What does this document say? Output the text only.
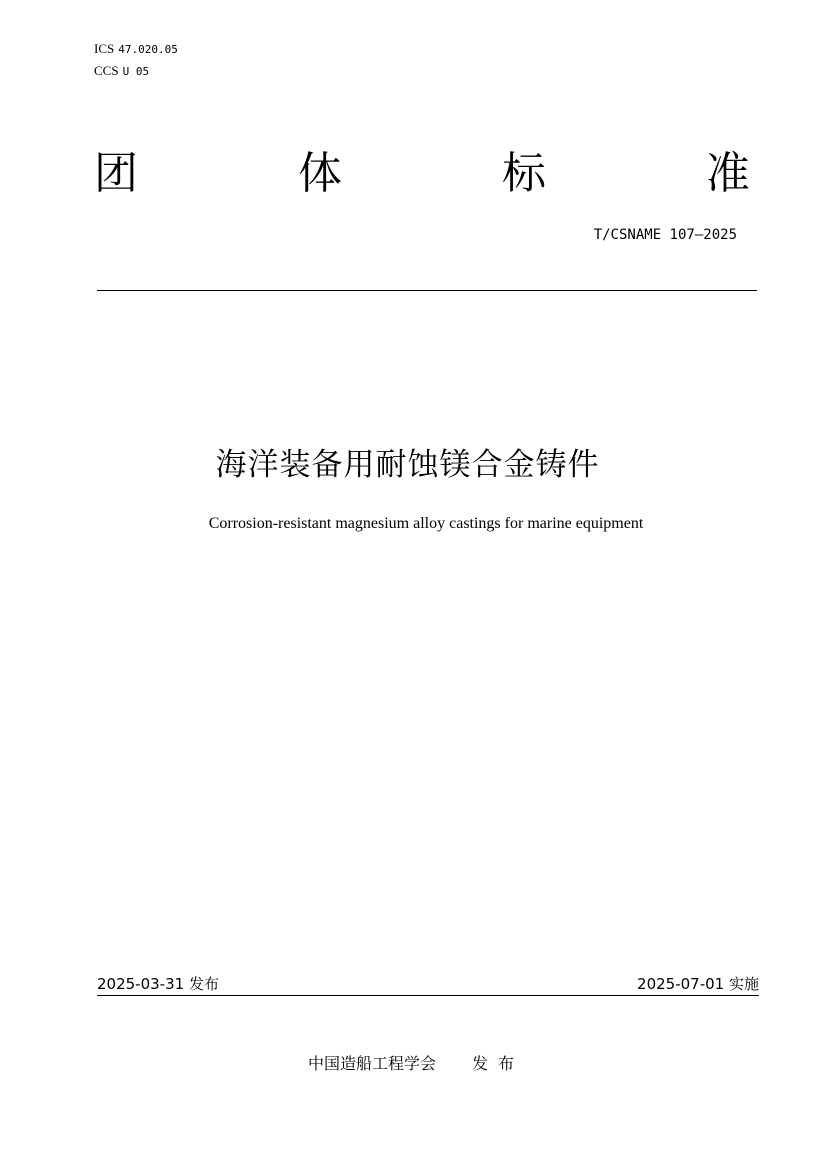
ICS 47.020.05
CCS U 05
团	体	标	准
T/CSNAME 107—2025
海洋装备用耐蚀镁合金铸件
Corrosion-resistant magnesium alloy castings for marine equipment
2025-03-31 发布	2025-07-01 实施
中国造船工程学会 发布
